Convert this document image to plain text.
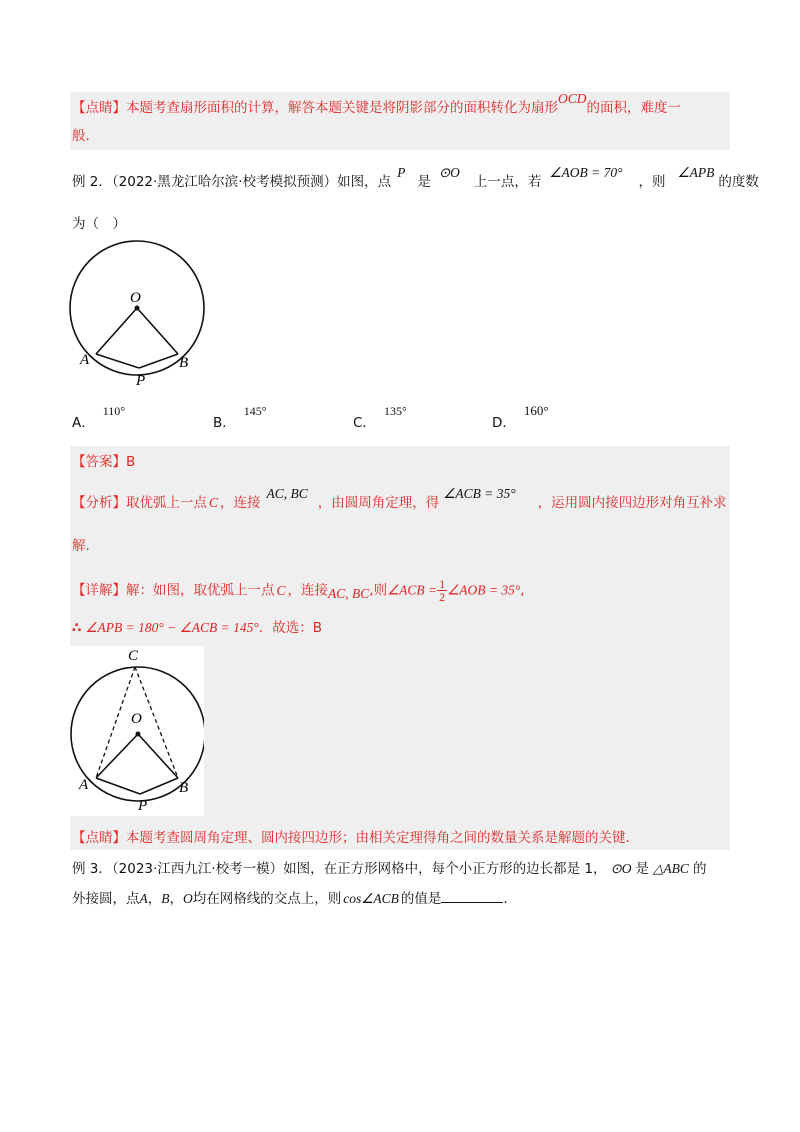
【点睛】本题考查扇形面积的计算，解答本题关键是将阴影部分的面积转化为扇形OCD的面积，难度一
般.
例 2．（2022·黑龙江哈尔滨·校考模拟预测）如图，点P是⊙O上一点，若∠AOB = 70°，则∠APB的度数
为（　）
O
A	B
P
A．110°
B．145°
C．135°
D．160°
【答案】B
【分析】取优弧上一点 C ，连接AC, BC，由圆周角定理，得∠ACB = 35°，运用圆内接四边形对角互补求
解.
【详解】解：如图，取优弧上一点 C ，连接AC, BC,则∠ACB = $\frac{1}{2}$ ∠AOB = 35°,
∴ ∠APB = 180° − ∠ACB = 145°．故选：B
C
O
A	B
P
【点睛】本题考查圆周角定理、圆内接四边形；由相关定理得角之间的数量关系是解题的关键.
例 3．（2023·江西九江·校考一模）如图，在正方形网格中，每个小正方形的边长都是 1， ⊙O 是 △ABC 的
外接圆，点A，B，O均在网格线的交点上，则 cos∠ACB 的值是	.
